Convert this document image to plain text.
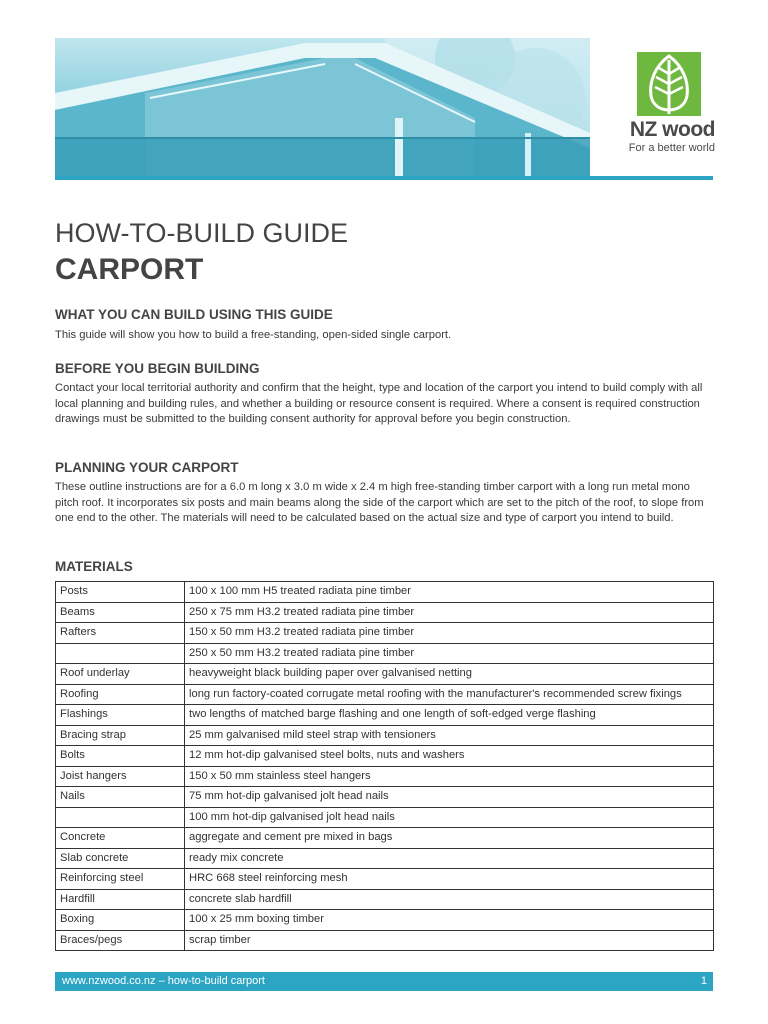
NZ wood
For a better world
HOW-TO-BUILD GUIDE
CARPORT
WHAT YOU CAN BUILD USING THIS GUIDE
This guide will show you how to build a free-standing, open-sided single carport.
BEFORE YOU BEGIN BUILDING
Contact your local territorial authority and confirm that the height, type and location of the carport you intend to build comply with all local planning and building rules, and whether a building or resource consent is required. Where a consent is required construction drawings must be submitted to the building consent authority for approval before you begin construction.
PLANNING YOUR CARPORT
These outline instructions are for a 6.0 m long x 3.0 m wide x 2.4 m high free-standing timber carport with a long run metal mono pitch roof. It incorporates six posts and main beams along the side of the carport which are set to the pitch of the roof, to slope from one end to the other. The materials will need to be calculated based on the actual size and type of carport you intend to build.
MATERIALS
Posts	100 x 100 mm H5 treated radiata pine timber
Beams	250 x 75 mm H3.2 treated radiata pine timber
Rafters	150 x 50 mm H3.2 treated radiata pine timber
	250 x 50 mm H3.2 treated radiata pine timber
Roof underlay	heavyweight black building paper over galvanised netting
Roofing	long run factory-coated corrugate metal roofing with the manufacturer's recommended screw fixings
Flashings	two lengths of matched barge flashing and one length of soft-edged verge flashing
Bracing strap	25 mm galvanised mild steel strap with tensioners
Bolts	12 mm hot-dip galvanised steel bolts, nuts and washers
Joist hangers	150 x 50 mm stainless steel hangers
Nails	75 mm hot-dip galvanised jolt head nails
	100 mm hot-dip galvanised jolt head nails
Concrete	aggregate and cement pre mixed in bags
Slab concrete	ready mix concrete
Reinforcing steel	HRC 668 steel reinforcing mesh
Hardfill	concrete slab hardfill
Boxing	100 x 25 mm boxing timber
Braces/pegs	scrap timber
www.nzwood.co.nz – how-to-build carport	1
